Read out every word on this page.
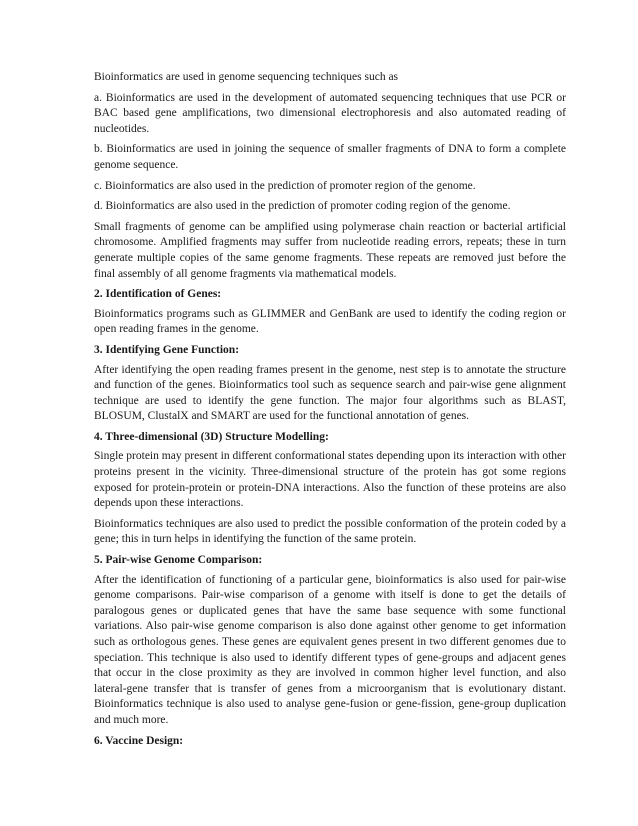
Bioinformatics are used in genome sequencing techniques such as

a. Bioinformatics are used in the development of automated sequencing techniques that use PCR or BAC based gene amplifications, two dimensional electrophoresis and also automated reading of nucleotides.

b. Bioinformatics are used in joining the sequence of smaller fragments of DNA to form a complete genome sequence.

c. Bioinformatics are also used in the prediction of promoter region of the genome.

d. Bioinformatics are also used in the prediction of promoter coding region of the genome.

Small fragments of genome can be amplified using polymerase chain reaction or bacterial artificial chromosome. Amplified fragments may suffer from nucleotide reading errors, repeats; these in turn generate multiple copies of the same genome fragments. These repeats are removed just before the final assembly of all genome fragments via mathematical models.

2. Identification of Genes:

Bioinformatics programs such as GLIMMER and GenBank are used to identify the coding region or open reading frames in the genome.

3. Identifying Gene Function:

After identifying the open reading frames present in the genome, nest step is to annotate the structure and function of the genes. Bioinformatics tool such as sequence search and pair-wise gene alignment technique are used to identify the gene function. The major four algorithms such as BLAST, BLOSUM, ClustalX and SMART are used for the functional annotation of genes.

4. Three-dimensional (3D) Structure Modelling:

Single protein may present in different conformational states depending upon its interaction with other proteins present in the vicinity. Three-dimensional structure of the protein has got some regions exposed for protein-protein or protein-DNA interactions. Also the function of these proteins are also depends upon these interactions.

Bioinformatics techniques are also used to predict the possible conformation of the protein coded by a gene; this in turn helps in identifying the function of the same protein.

5. Pair-wise Genome Comparison:

After the identification of functioning of a particular gene, bioinformatics is also used for pair-wise genome comparisons. Pair-wise comparison of a genome with itself is done to get the details of paralogous genes or duplicated genes that have the same base sequence with some functional variations. Also pair-wise genome comparison is also done against other genome to get information such as orthologous genes. These genes are equivalent genes present in two different genomes due to speciation. This technique is also used to identify different types of gene-groups and adjacent genes that occur in the close proximity as they are involved in common higher level function, and also lateral-gene transfer that is transfer of genes from a microorganism that is evolutionary distant. Bioinformatics technique is also used to analyse gene-fusion or gene-fission, gene-group duplication and much more.

6. Vaccine Design:
